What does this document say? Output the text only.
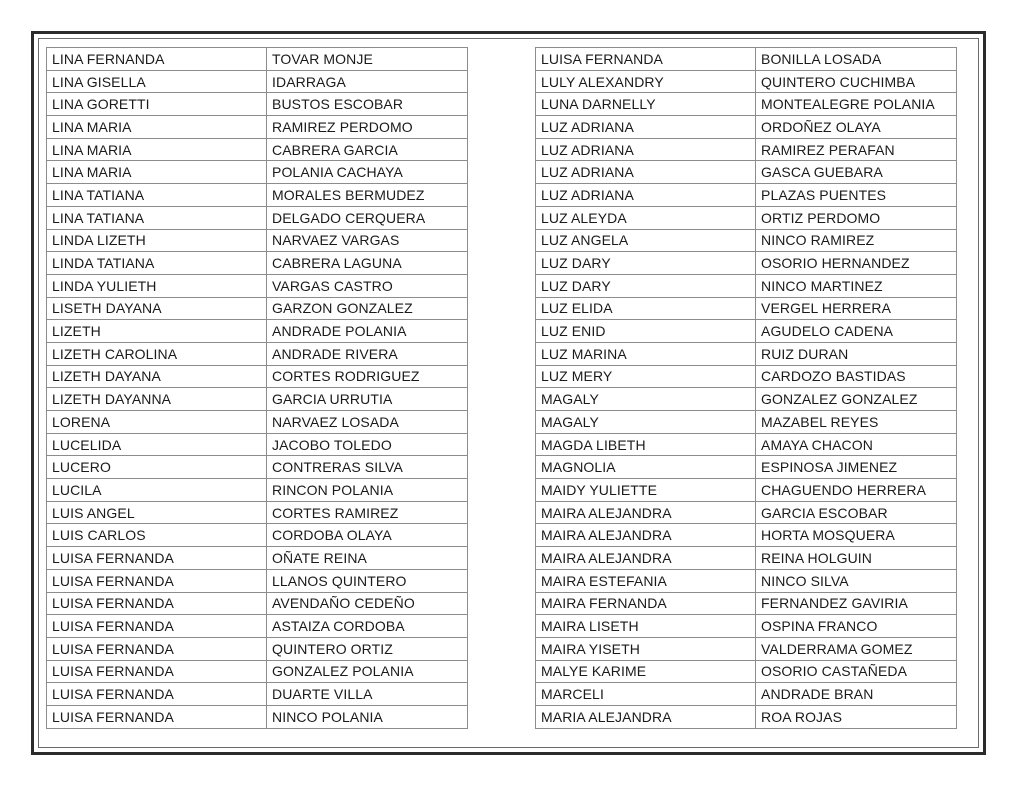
LINA FERNANDA	TOVAR MONJE
LINA GISELLA	IDARRAGA
LINA GORETTI	BUSTOS ESCOBAR
LINA MARIA	RAMIREZ PERDOMO
LINA MARIA	CABRERA GARCIA
LINA MARIA	POLANIA CACHAYA
LINA TATIANA	MORALES BERMUDEZ
LINA TATIANA	DELGADO CERQUERA
LINDA LIZETH	NARVAEZ VARGAS
LINDA TATIANA	CABRERA LAGUNA
LINDA YULIETH	VARGAS CASTRO
LISETH DAYANA	GARZON GONZALEZ
LIZETH	ANDRADE POLANIA
LIZETH CAROLINA	ANDRADE RIVERA
LIZETH DAYANA	CORTES RODRIGUEZ
LIZETH DAYANNA	GARCIA URRUTIA
LORENA	NARVAEZ LOSADA
LUCELIDA	JACOBO TOLEDO
LUCERO	CONTRERAS SILVA
LUCILA	RINCON POLANIA
LUIS ANGEL	CORTES RAMIREZ
LUIS CARLOS	CORDOBA OLAYA
LUISA FERNANDA	OÑATE REINA
LUISA FERNANDA	LLANOS QUINTERO
LUISA FERNANDA	AVENDAÑO CEDEÑO
LUISA FERNANDA	ASTAIZA CORDOBA
LUISA FERNANDA	QUINTERO ORTIZ
LUISA FERNANDA	GONZALEZ POLANIA
LUISA FERNANDA	DUARTE VILLA
LUISA FERNANDA	NINCO POLANIA
LUISA FERNANDA	BONILLA LOSADA
LULY ALEXANDRY	QUINTERO CUCHIMBA
LUNA DARNELLY	MONTEALEGRE POLANIA
LUZ ADRIANA	ORDOÑEZ OLAYA
LUZ ADRIANA	RAMIREZ PERAFAN
LUZ ADRIANA	GASCA GUEBARA
LUZ ADRIANA	PLAZAS PUENTES
LUZ ALEYDA	ORTIZ PERDOMO
LUZ ANGELA	NINCO RAMIREZ
LUZ DARY	OSORIO HERNANDEZ
LUZ DARY	NINCO MARTINEZ
LUZ ELIDA	VERGEL HERRERA
LUZ ENID	AGUDELO CADENA
LUZ MARINA	RUIZ DURAN
LUZ MERY	CARDOZO BASTIDAS
MAGALY	GONZALEZ GONZALEZ
MAGALY	MAZABEL REYES
MAGDA LIBETH	AMAYA CHACON
MAGNOLIA	ESPINOSA JIMENEZ
MAIDY YULIETTE	CHAGUENDO HERRERA
MAIRA ALEJANDRA	GARCIA ESCOBAR
MAIRA ALEJANDRA	HORTA MOSQUERA
MAIRA ALEJANDRA	REINA HOLGUIN
MAIRA ESTEFANIA	NINCO SILVA
MAIRA FERNANDA	FERNANDEZ GAVIRIA
MAIRA LISETH	OSPINA FRANCO
MAIRA YISETH	VALDERRAMA GOMEZ
MALYE KARIME	OSORIO CASTAÑEDA
MARCELI	ANDRADE BRAN
MARIA ALEJANDRA	ROA ROJAS
